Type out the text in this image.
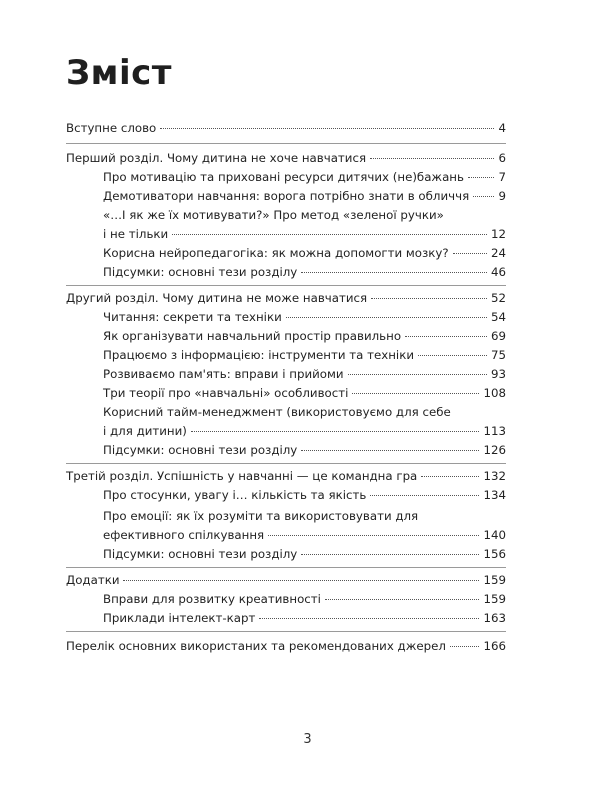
Зміст
Вступне слово	4
Перший розділ. Чому дитина не хоче навчатися	6
Про мотивацію та приховані ресурси дитячих (не)бажань	7
Демотиватори навчання: ворога потрібно знати в обличчя 9
«…І як же їх мотивувати?» Про метод «зеленої ручки»
і не тільки	12
Корисна нейропедагогіка: як можна допомогти мозку?	24
Підсумки: основні тези розділу	46
Другий розділ. Чому дитина не може навчатися	52
Читання: секрети та техніки	54
Як організувати навчальний простір правильно	69
Працюємо з інформацією: інструменти та техніки	75
Розвиваємо пам'ять: вправи і прийоми	93
Три теорії про «навчальні» особливості	108
Корисний тайм-менеджмент (використовуємо для себе
і для дитини)	113
Підсумки: основні тези розділу	126
Третій розділ. Успішність у навчанні — це командна гра	132
Про стосунки, увагу і… кількість та якість	134
Про емоції: як їх розуміти та використовувати для
ефективного спілкування	140
Підсумки: основні тези розділу	156
Додатки	159
Вправи для розвитку креативності	159
Приклади інтелект-карт	163
Перелік основних використаних та рекомендованих джерел	166
3
